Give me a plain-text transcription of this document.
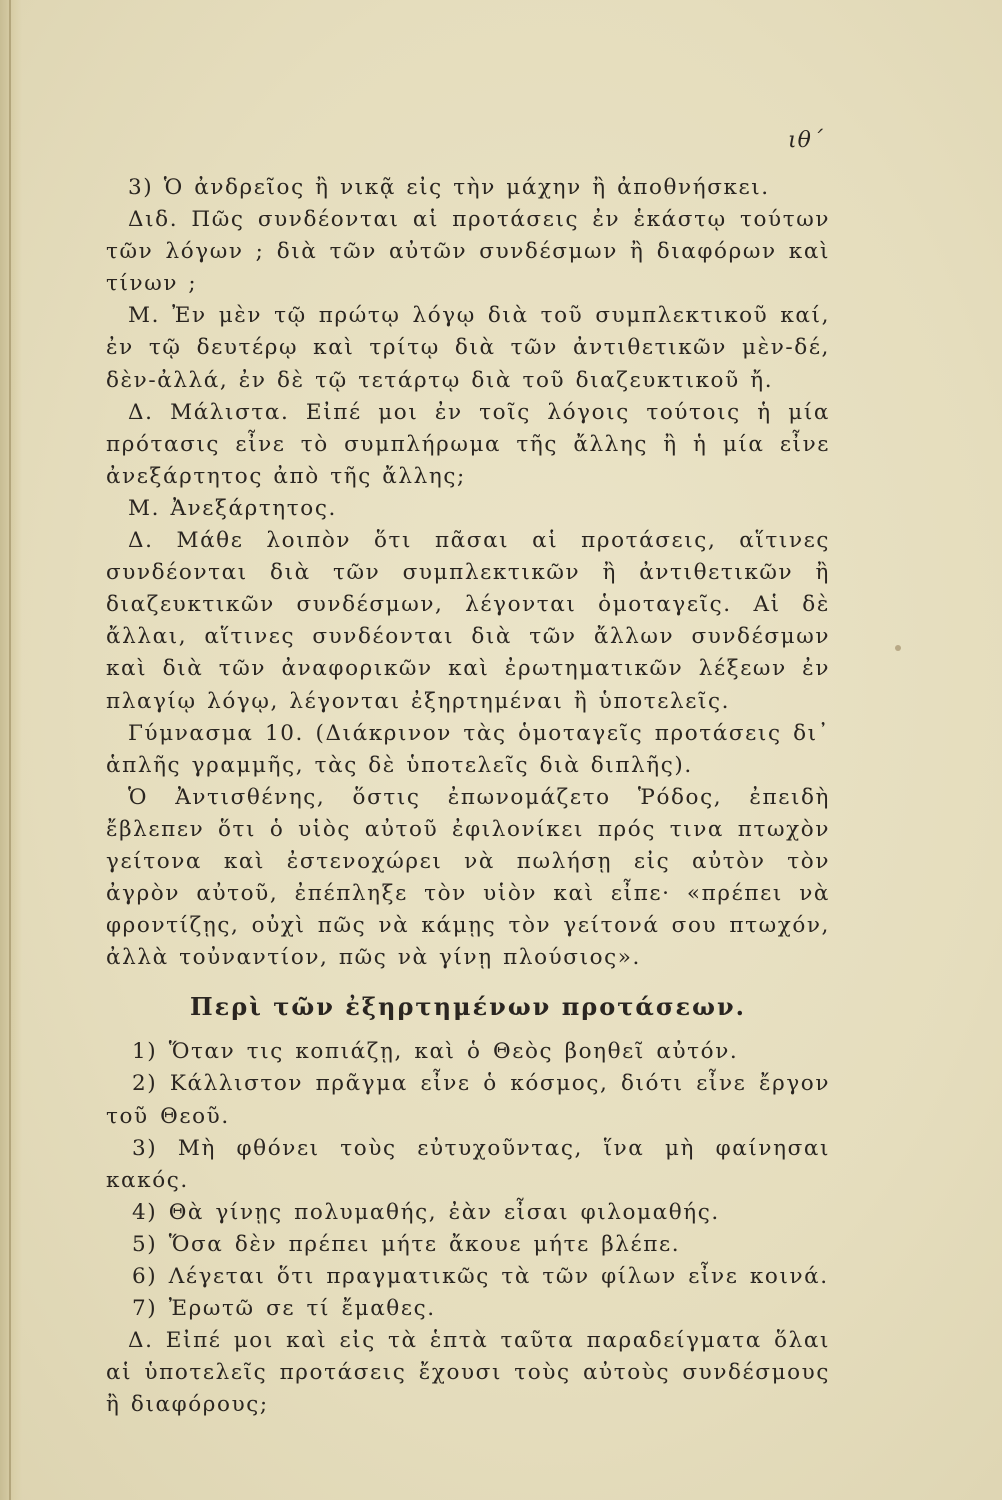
ιθ΄

3) Ὁ ἀνδρεῖος ἢ νικᾷ εἰς τὴν μάχην ἢ ἀποθνήσκει.

Διδ. Πῶς συνδέονται αἱ προτάσεις ἐν ἑκάστῳ τούτων τῶν λόγων ; διὰ τῶν αὐτῶν συνδέσμων ἢ διαφόρων καὶ τίνων ;

Μ. Ἐν μὲν τῷ πρώτῳ λόγῳ διὰ τοῦ συμπλεκτικοῦ καί, ἐν τῷ δευτέρῳ καὶ τρίτῳ διὰ τῶν ἀντιθετικῶν μὲν-δέ, δὲν-ἀλλά, ἐν δὲ τῷ τετάρτῳ διὰ τοῦ διαζευκτικοῦ ἤ.

Δ. Μάλιστα. Εἰπέ μοι ἐν τοῖς λόγοις τούτοις ἡ μία πρότασις εἶνε τὸ συμπλήρωμα τῆς ἄλλης ἢ ἡ μία εἶνε ἀνεξάρτητος ἀπὸ τῆς ἄλλης;

Μ. Ἀνεξάρτητος.

Δ. Μάθε λοιπὸν ὅτι πᾶσαι αἱ προτάσεις, αἵτινες συνδέονται διὰ τῶν συμπλεκτικῶν ἢ ἀντιθετικῶν ἢ διαζευκτικῶν συνδέσμων, λέγονται ὁμοταγεῖς. Αἱ δὲ ἄλλαι, αἵτινες συνδέονται διὰ τῶν ἄλλων συνδέσμων καὶ διὰ τῶν ἀναφορικῶν καὶ ἐρωτηματικῶν λέξεων ἐν πλαγίῳ λόγῳ, λέγονται ἐξηρτημέναι ἢ ὑποτελεῖς.

Γύμνασμα 10. (Διάκρινον τὰς ὁμοταγεῖς προτάσεις δι᾽ ἁπλῆς γραμμῆς, τὰς δὲ ὑποτελεῖς διὰ διπλῆς).

Ὁ Ἀντισθένης, ὅστις ἐπωνομάζετο Ῥόδος, ἐπειδὴ ἔβλεπεν ὅτι ὁ υἱὸς αὐτοῦ ἐφιλονίκει πρός τινα πτωχὸν γείτονα καὶ ἐστενοχώρει νὰ πωλήσῃ εἰς αὐτὸν τὸν ἀγρὸν αὐτοῦ, ἐπέπληξε τὸν υἱὸν καὶ εἶπε· «πρέπει νὰ φροντίζῃς, οὐχὶ πῶς νὰ κάμῃς τὸν γείτονά σου πτωχόν, ἀλλὰ τοὐναντίον, πῶς νὰ γίνῃ πλούσιος».

Περὶ τῶν ἐξηρτημένων προτάσεων.

1) Ὅταν τις κοπιάζῃ, καὶ ὁ Θεὸς βοηθεῖ αὐτόν.

2) Κάλλιστον πρᾶγμα εἶνε ὁ κόσμος, διότι εἶνε ἔργον τοῦ Θεοῦ.

3) Μὴ φθόνει τοὺς εὐτυχοῦντας, ἵνα μὴ φαίνησαι κακός.

4) Θὰ γίνῃς πολυμαθής, ἐὰν εἶσαι φιλομαθής.

5) Ὅσα δὲν πρέπει μήτε ἄκουε μήτε βλέπε.

6) Λέγεται ὅτι πραγματικῶς τὰ τῶν φίλων εἶνε κοινά.

7) Ἐρωτῶ σε τί ἔμαθες.

Δ. Εἰπέ μοι καὶ εἰς τὰ ἑπτὰ ταῦτα παραδείγματα ὅλαι αἱ ὑποτελεῖς προτάσεις ἔχουσι τοὺς αὐτοὺς συνδέσμους ἢ διαφόρους;
